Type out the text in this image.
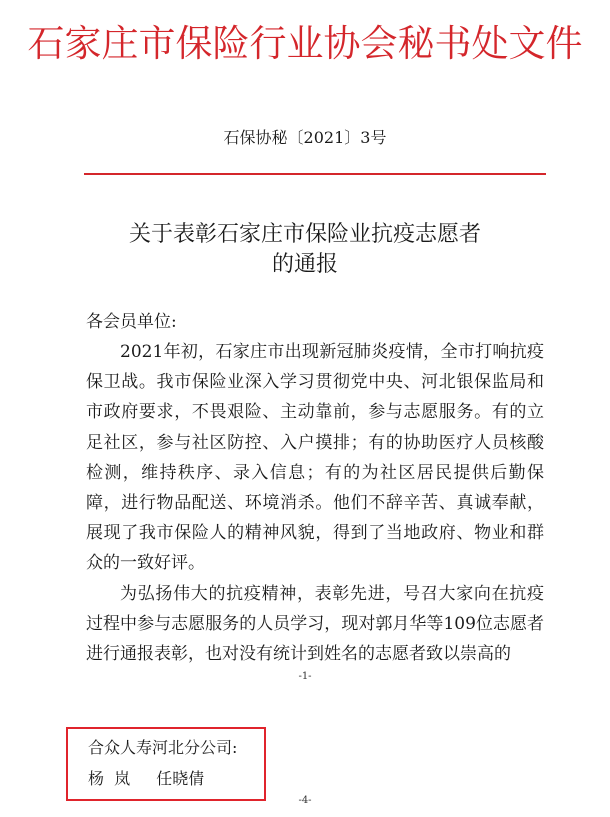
石家庄市保险行业协会秘书处文件
石保协秘〔2021〕3号
关于表彰石家庄市保险业抗疫志愿者
的通报
各会员单位:

2021年初，石家庄市出现新冠肺炎疫情，全市打响抗疫保卫战。我市保险业深入学习贯彻党中央、河北银保监局和市政府要求，不畏艰险、主动靠前，参与志愿服务。有的立足社区，参与社区防控、入户摸排；有的协助医疗人员核酸检测，维持秩序、录入信息；有的为社区居民提供后勤保障，进行物品配送、环境消杀。他们不辞辛苦、真诚奉献，展现了我市保险人的精神风貌，得到了当地政府、物业和群众的一致好评。

为弘扬伟大的抗疫精神，表彰先进，号召大家向在抗疫过程中参与志愿服务的人员学习，现对郭月华等109位志愿者进行通报表彰，也对没有统计到姓名的志愿者致以崇高的

-1-
合众人寿河北分公司:
杨  岚 任晓倩
-4-
